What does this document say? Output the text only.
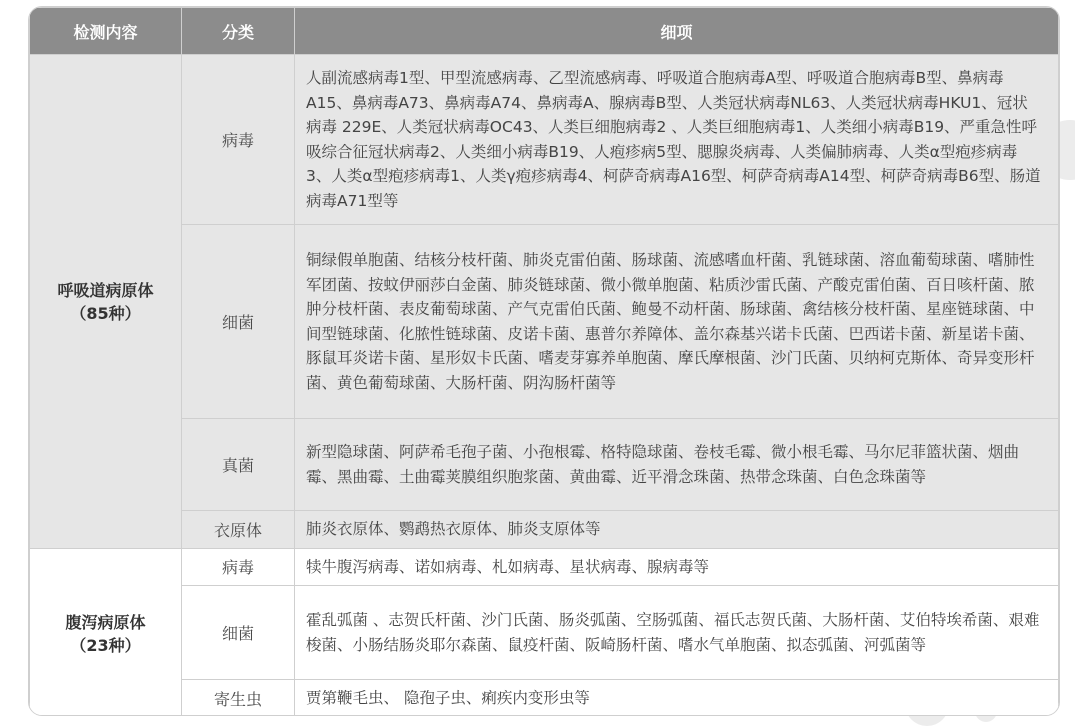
检测内容	分类	细项

呼吸道病原体
（85种）	病毒	人副流感病毒1型、甲型流感病毒、乙型流感病毒、呼吸道合胞病毒A型、呼吸道合胞病毒B型、鼻病毒A15、鼻病毒A73、鼻病毒A74、鼻病毒A、腺病毒B型、人类冠状病毒NL63、人类冠状病毒HKU1、冠状病毒 229E、人类冠状病毒OC43、人类巨细胞病毒2 、人类巨细胞病毒1、人类细小病毒B19、严重急性呼吸综合征冠状病毒2、人类细小病毒B19、人疱疹病5型、腮腺炎病毒、人类偏肺病毒、人类α型疱疹病毒3、人类α型疱疹病毒1、人类γ疱疹病毒4、柯萨奇病毒A16型、柯萨奇病毒A14型、柯萨奇病毒B6型、肠道病毒A71型等
	细菌	铜绿假单胞菌、结核分枝杆菌、肺炎克雷伯菌、肠球菌、流感嗜血杆菌、乳链球菌、溶血葡萄球菌、嗜肺性军团菌、按蚊伊丽莎白金菌、肺炎链球菌、微小微单胞菌、粘质沙雷氏菌、产酸克雷伯菌、百日咳杆菌、脓肿分枝杆菌、表皮葡萄球菌、产气克雷伯氏菌、鲍曼不动杆菌、肠球菌、禽结核分枝杆菌、星座链球菌、中间型链球菌、化脓性链球菌、皮诺卡菌、惠普尔养障体、盖尔森基兴诺卡氏菌、巴西诺卡菌、新星诺卡菌、豚鼠耳炎诺卡菌、星形奴卡氏菌、嗜麦芽寡养单胞菌、摩氏摩根菌、沙门氏菌、贝纳柯克斯体、奇异变形杆菌、黄色葡萄球菌、大肠杆菌、阴沟肠杆菌等
	真菌	新型隐球菌、阿萨希毛孢子菌、小孢根霉、格特隐球菌、卷枝毛霉、微小根毛霉、马尔尼菲篮状菌、烟曲霉、黑曲霉、土曲霉荚膜组织胞浆菌、黄曲霉、近平滑念珠菌、热带念珠菌、白色念珠菌等
	衣原体	肺炎衣原体、鹦鹉热衣原体、肺炎支原体等

腹泻病原体
（23种）	病毒	犊牛腹泻病毒、诺如病毒、札如病毒、星状病毒、腺病毒等
	细菌	霍乱弧菌 、志贺氏杆菌、沙门氏菌、肠炎弧菌、空肠弧菌、福氏志贺氏菌、大肠杆菌、艾伯特埃希菌、艰难梭菌、小肠结肠炎耶尔森菌、鼠疫杆菌、阪崎肠杆菌、嗜水气单胞菌、拟态弧菌、河弧菌等
	寄生虫	贾第鞭毛虫、 隐孢子虫、痢疾内变形虫等
